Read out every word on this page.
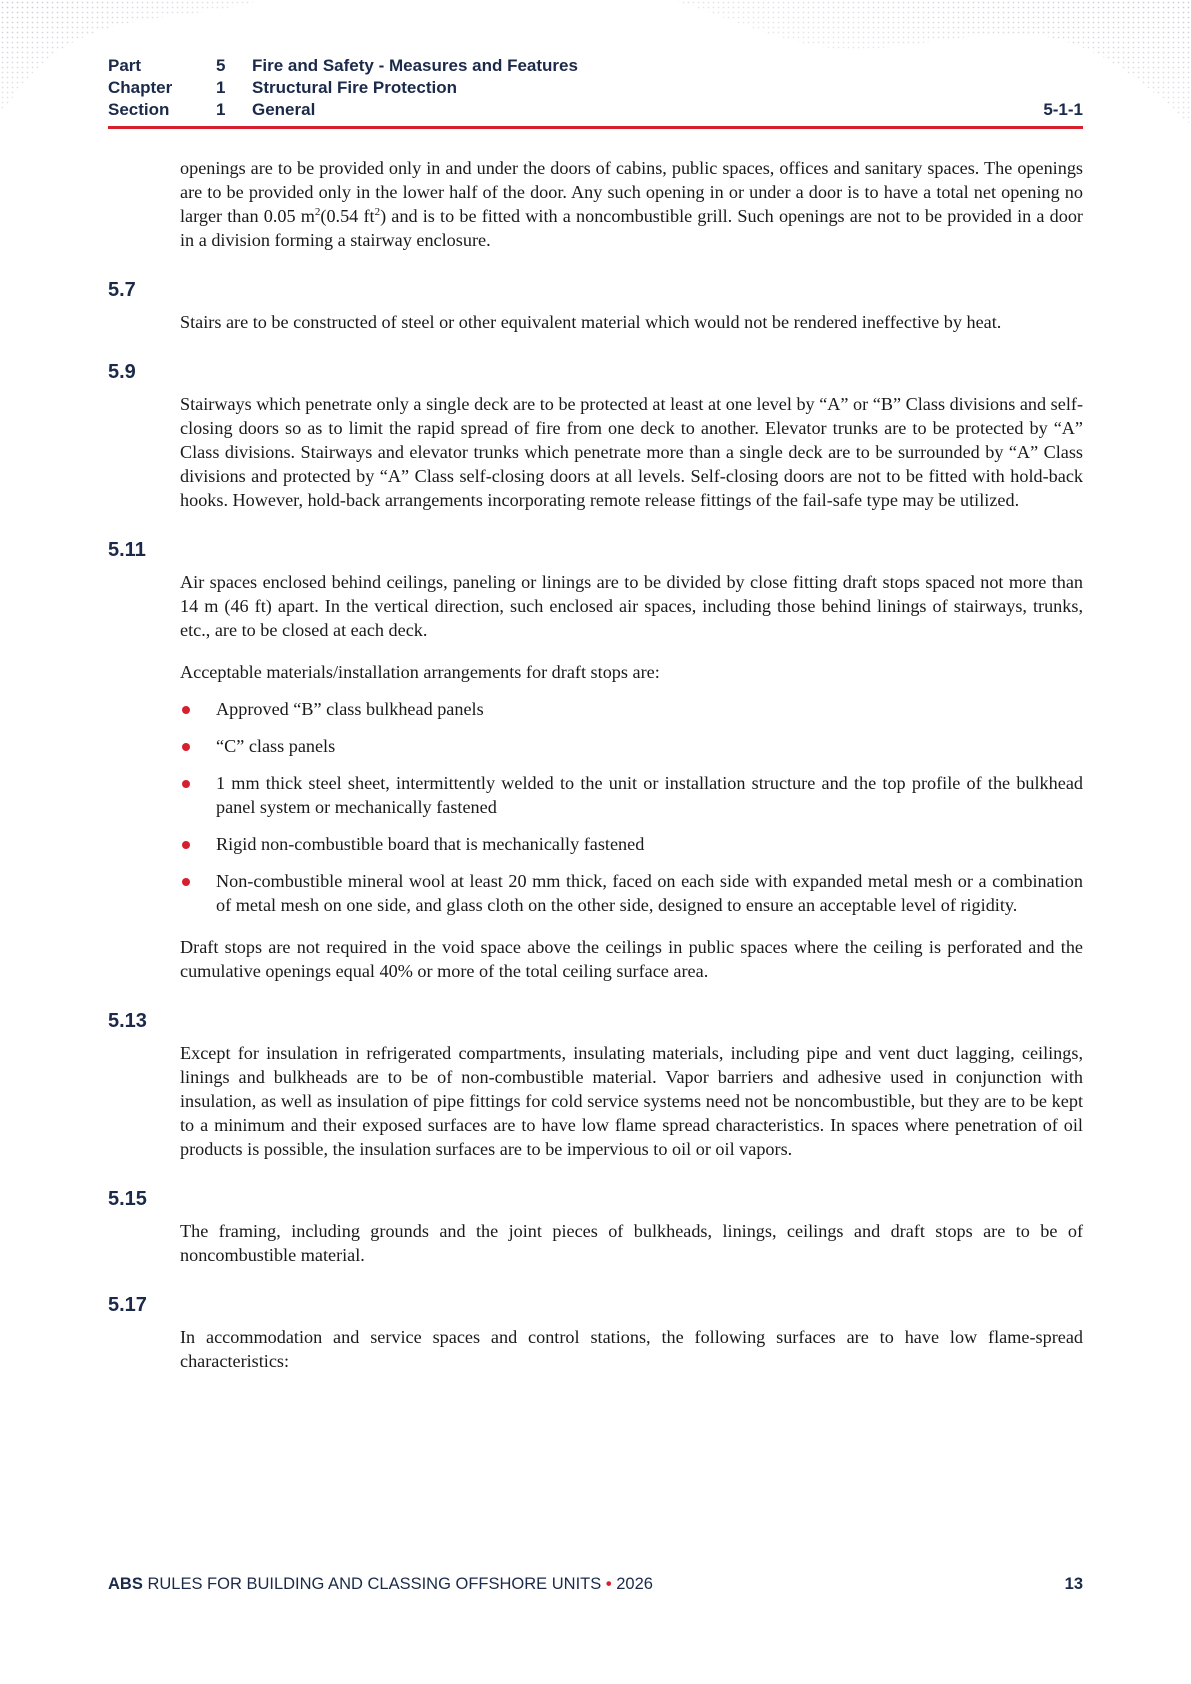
Part	5 Fire and Safety - Measures and Features
Chapter	1 Structural Fire Protection
Section	1 General	5-1-1

openings are to be provided only in and under the doors of cabins, public spaces, offices and sanitary spaces. The openings are to be provided only in the lower half of the door. Any such opening in or under a door is to have a total net opening no larger than 0.05 $m^2(0.54$ $ft^2$) and is to be fitted with a noncombustible grill. Such openings are not to be provided in a door in a division forming a stairway enclosure.

5.7

Stairs are to be constructed of steel or other equivalent material which would not be rendered ineffective by heat.

5.9

Stairways which penetrate only a single deck are to be protected at least at one level by “A” or “B” Class divisions and self-closing doors so as to limit the rapid spread of fire from one deck to another. Elevator trunks are to be protected by “A” Class divisions. Stairways and elevator trunks which penetrate more than a single deck are to be surrounded by “A” Class divisions and protected by “A” Class self-closing doors at all levels. Self-closing doors are not to be fitted with hold-back hooks. However, hold-back arrangements incorporating remote release fittings of the fail-safe type may be utilized.

5.11

Air spaces enclosed behind ceilings, paneling or linings are to be divided by close fitting draft stops spaced not more than 14 m (46 ft) apart. In the vertical direction, such enclosed air spaces, including those behind linings of stairways, trunks, etc., are to be closed at each deck.

Acceptable materials/installation arrangements for draft stops are:

Approved “B” class bulkhead panels
“C” class panels
1 mm thick steel sheet, intermittently welded to the unit or installation structure and the top profile of the bulkhead panel system or mechanically fastened
Rigid non-combustible board that is mechanically fastened
Non-combustible mineral wool at least 20 mm thick, faced on each side with expanded metal mesh or a combination of metal mesh on one side, and glass cloth on the other side, designed to ensure an acceptable level of rigidity.

Draft stops are not required in the void space above the ceilings in public spaces where the ceiling is perforated and the cumulative openings equal 40% or more of the total ceiling surface area.

5.13

Except for insulation in refrigerated compartments, insulating materials, including pipe and vent duct lagging, ceilings, linings and bulkheads are to be of non-combustible material. Vapor barriers and adhesive used in conjunction with insulation, as well as insulation of pipe fittings for cold service systems need not be noncombustible, but they are to be kept to a minimum and their exposed surfaces are to have low flame spread characteristics. In spaces where penetration of oil products is possible, the insulation surfaces are to be impervious to oil or oil vapors.

5.15

The framing, including grounds and the joint pieces of bulkheads, linings, ceilings and draft stops are to be of noncombustible material.

5.17

In accommodation and service spaces and control stations, the following surfaces are to have low flame-spread characteristics:

ABS RULES FOR BUILDING AND CLASSING OFFSHORE UNITS • 2026	13
